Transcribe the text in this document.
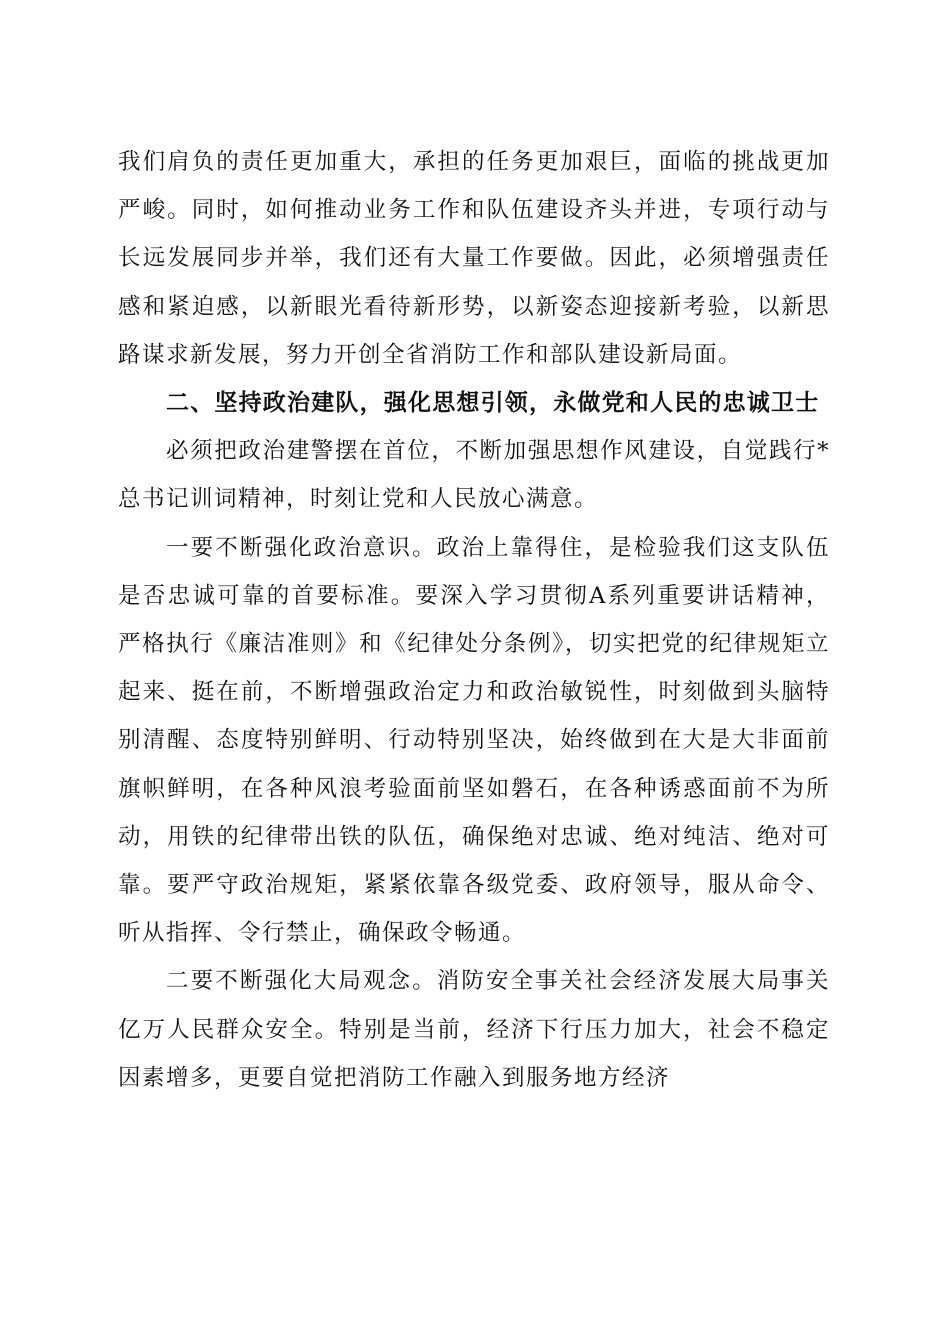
我们肩负的责任更加重大，承担的任务更加艰巨，面临的挑战更加严峻。同时，如何推动业务工作和队伍建设齐头并进，专项行动与长远发展同步并举，我们还有大量工作要做。因此，必须增强责任感和紧迫感，以新眼光看待新形势，以新姿态迎接新考验，以新思路谋求新发展，努力开创全省消防工作和部队建设新局面。

二、坚持政治建队，强化思想引领，永做党和人民的忠诚卫士

必须把政治建警摆在首位，不断加强思想作风建设，自觉践行*总书记训词精神，时刻让党和人民放心满意。

一要不断强化政治意识。政治上靠得住，是检验我们这支队伍是否忠诚可靠的首要标准。要深入学习贯彻A系列重要讲话精神，严格执行《廉洁准则》和《纪律处分条例》，切实把党的纪律规矩立起来、挺在前，不断增强政治定力和政治敏锐性，时刻做到头脑特别清醒、态度特别鲜明、行动特别坚决，始终做到在大是大非面前旗帜鲜明，在各种风浪考验面前坚如磐石，在各种诱惑面前不为所动，用铁的纪律带出铁的队伍，确保绝对忠诚、绝对纯洁、绝对可靠。要严守政治规矩，紧紧依靠各级党委、政府领导，服从命令、听从指挥、令行禁止，确保政令畅通。

二要不断强化大局观念。消防安全事关社会经济发展大局事关亿万人民群众安全。特别是当前，经济下行压力加大，社会不稳定因素增多，更要自觉把消防工作融入到服务地方经济
